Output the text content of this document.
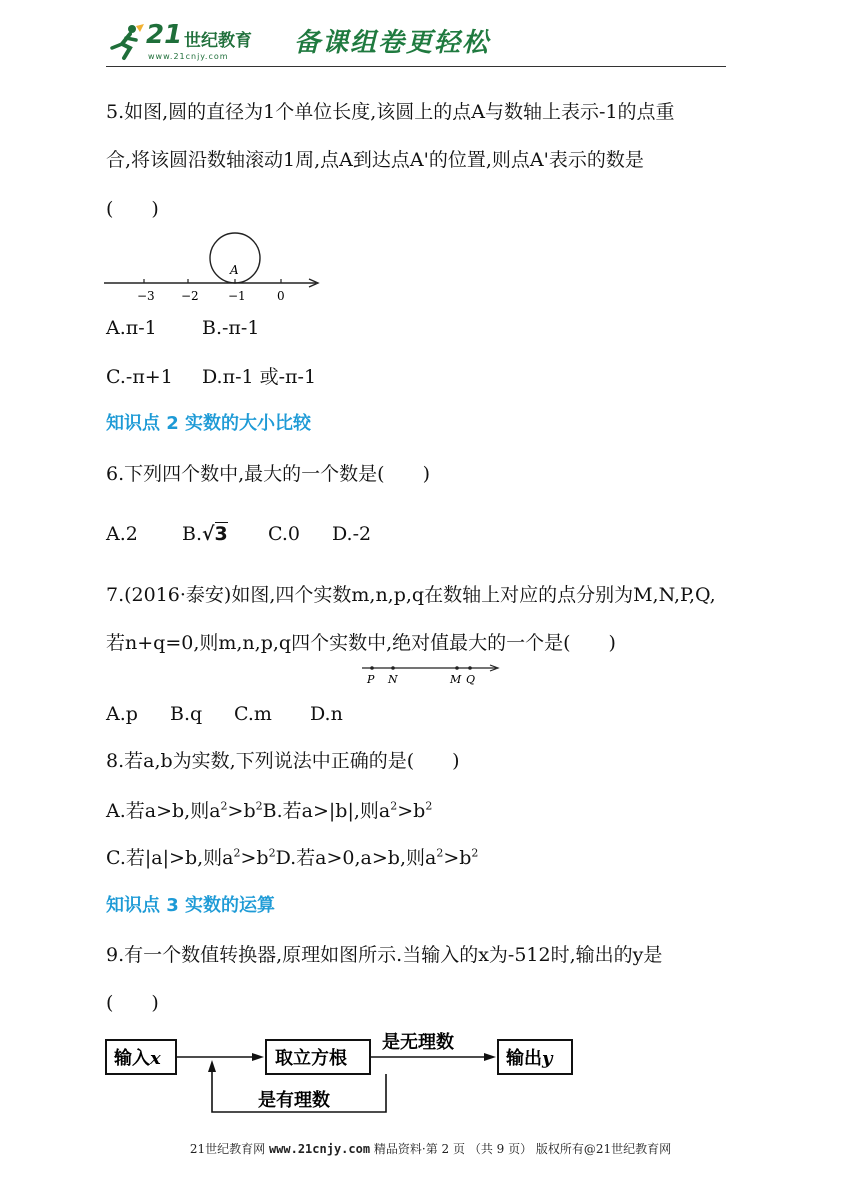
21 世纪教育
www.21cnjy.com	备课组卷更轻松
5.如图,圆的直径为1个单位长度,该圆上的点A与数轴上表示-1的点重
合,将该圆沿数轴滚动1周,点A到达点A'的位置,则点A'表示的数是
(　　)
A
−3 −2 −1	0
A.π-1 B.-π-1
C.-π+1 D.π-1 或-π-1
知识点 2 实数的大小比较
6.下列四个数中,最大的一个数是(　　)
A.2 B.√3 C.0 D.-2
7.(2016·泰安)如图,四个实数m,n,p,q在数轴上对应的点分别为M,N,P,Q,
若n+q=0,则m,n,p,q四个实数中,绝对值最大的一个是(　　)
P N	M Q
A.p B.q C.m D.n
8.若a,b为实数,下列说法中正确的是(　　)
A.若a>b,则$a^2>b^2B$.若a>|b|,则$a^2>b^2$
C.若|a|>b,则$a^2>b^2D$.若a>0,a>b,则$a^2>b^2$
知识点 3 实数的运算
9.有一个数值转换器,原理如图所示.当输入的x为-512时,输出的y是
(　　)
输入x	取立方根
是无理数
输出y
是有理数
21世纪教育网 www.21cnjy.com 精品资料·第 2 页 （共 9 页） 版权所有@21世纪教育网
